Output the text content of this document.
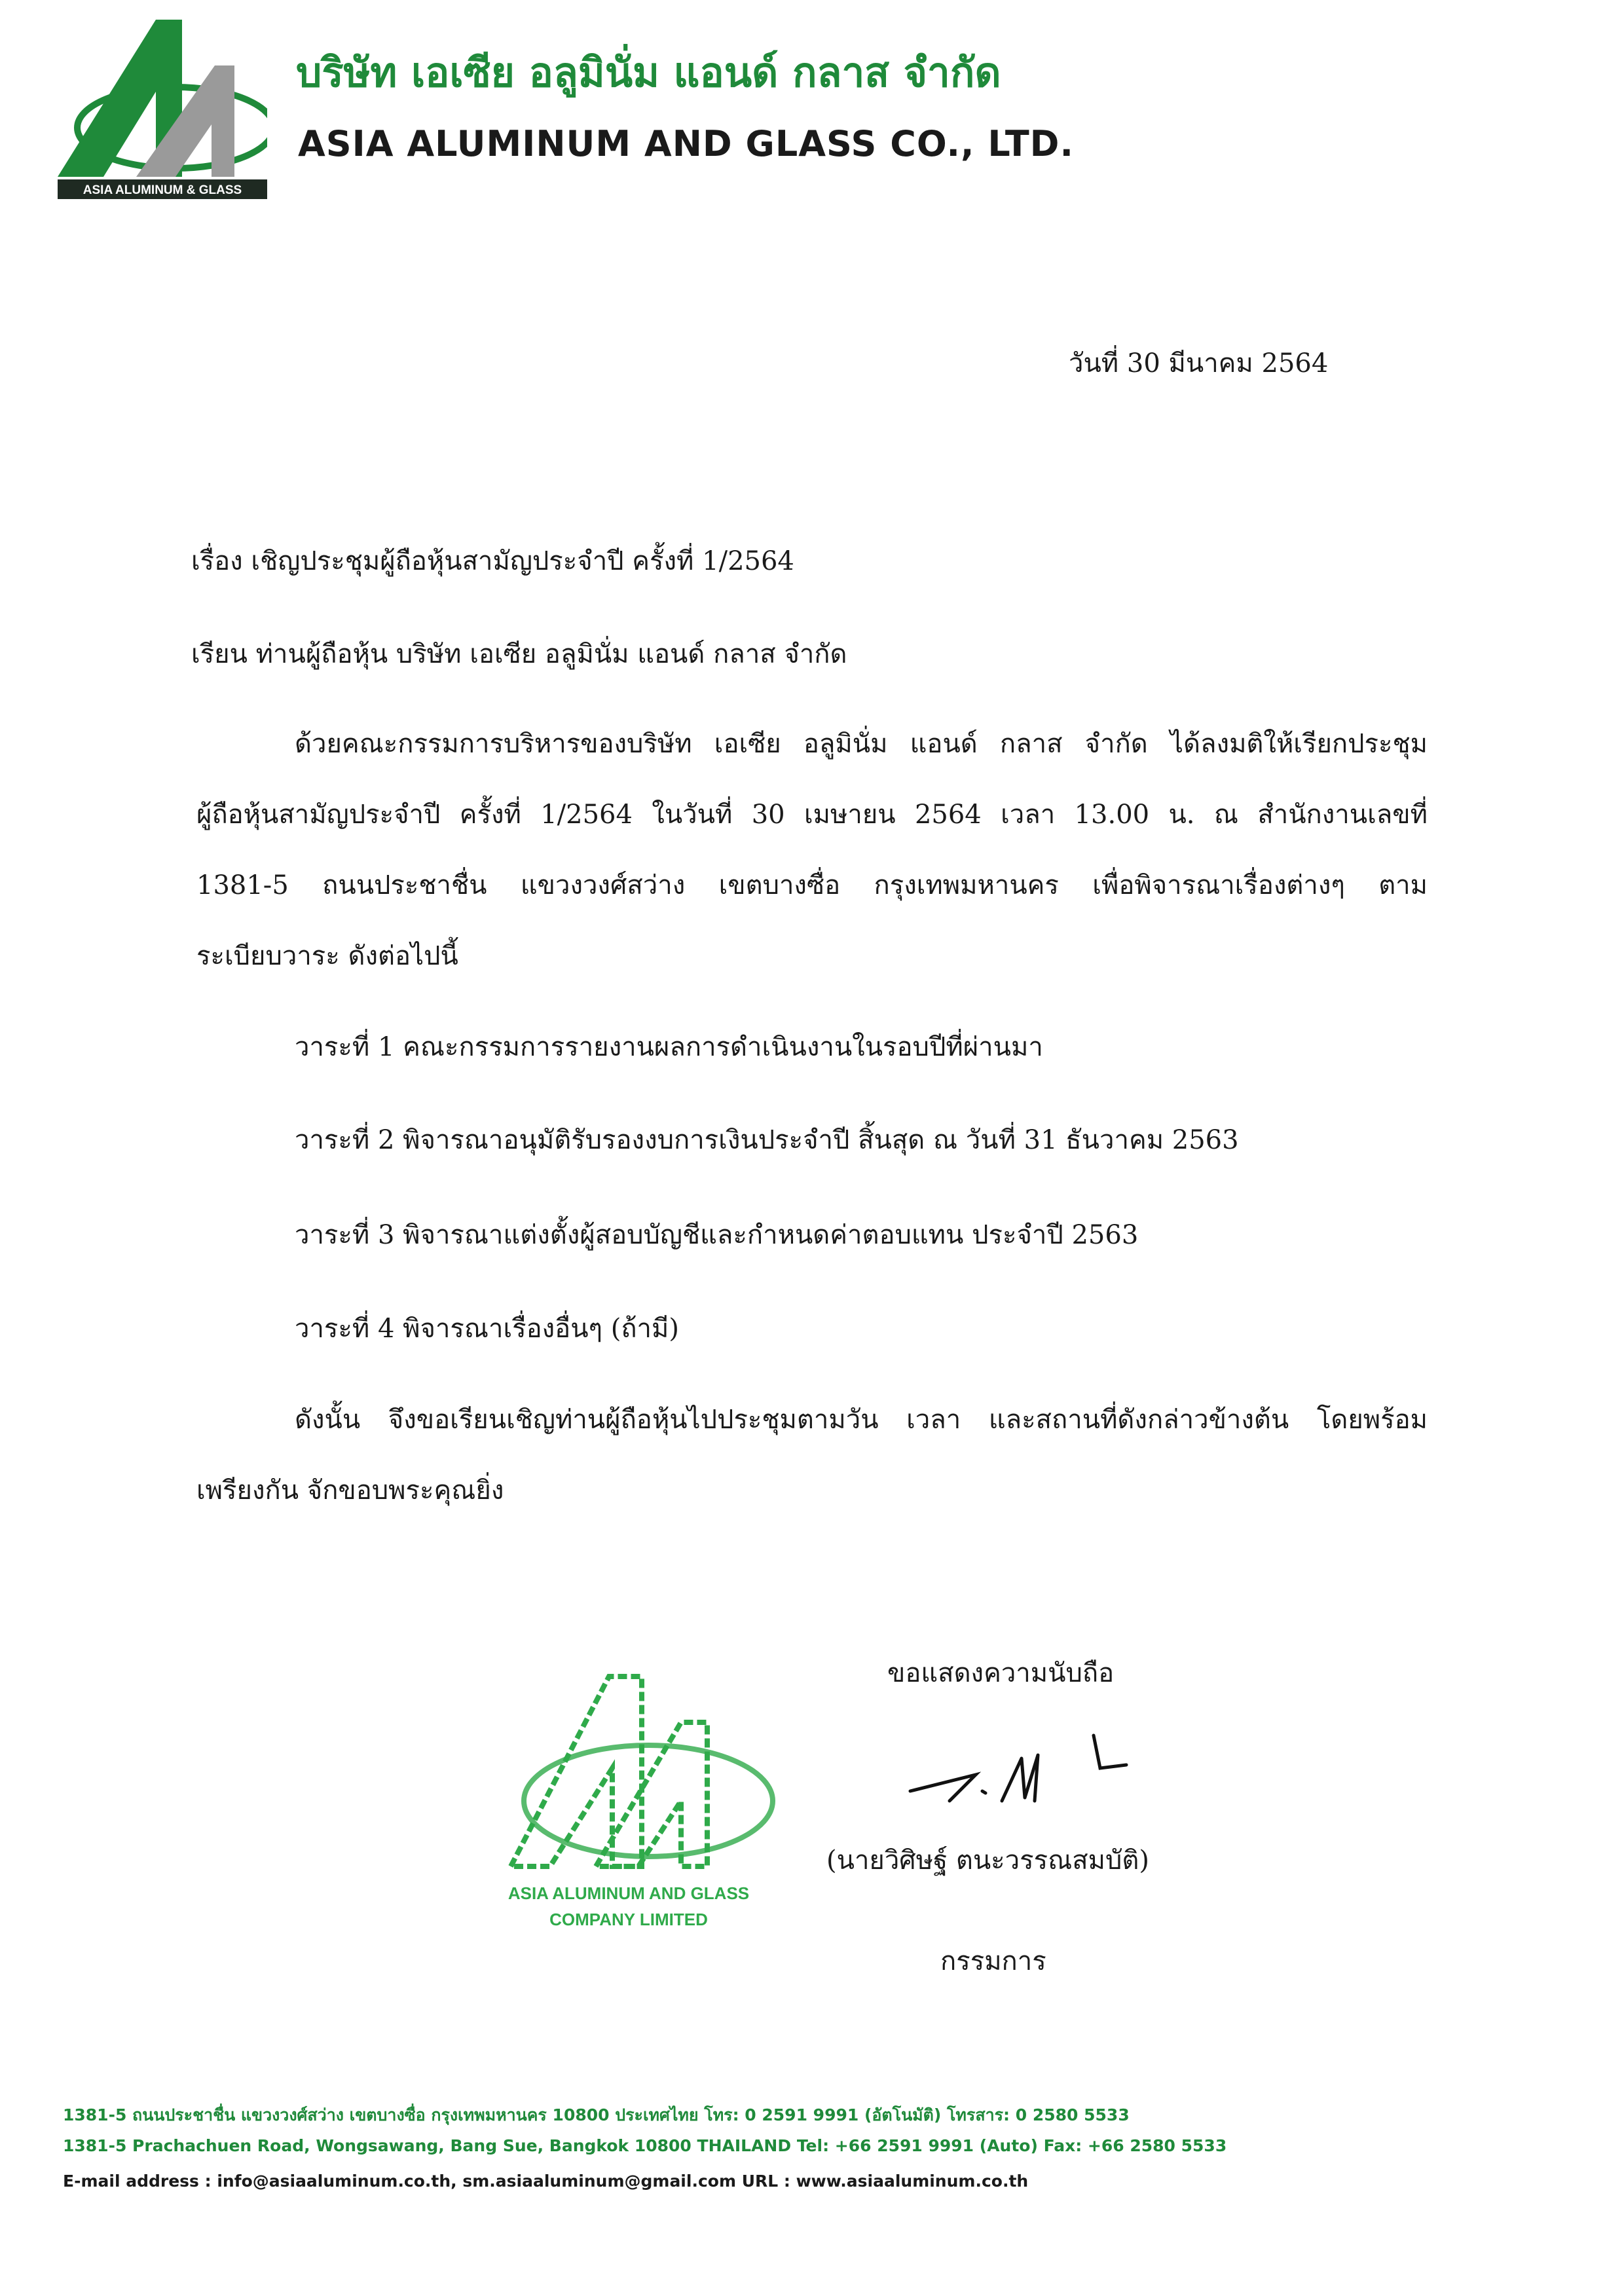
ASIA ALUMINUM & GLASS
บริษัท เอเซีย อลูมินั่ม แอนด์ กลาส จำกัด
ASIA ALUMINUM AND GLASS CO., LTD.
วันที่ 30 มีนาคม 2564
เรื่อง เชิญประชุมผู้ถือหุ้นสามัญประจำปี ครั้งที่ 1/2564
เรียน ท่านผู้ถือหุ้น บริษัท เอเซีย อลูมินั่ม แอนด์ กลาส จำกัด
ด้วยคณะกรรมการบริหารของบริษัท เอเซีย อลูมินั่ม แอนด์ กลาส จำกัด ได้ลงมติให้เรียกประชุม
ผู้ถือหุ้นสามัญประจำปี ครั้งที่ 1/2564 ในวันที่ 30 เมษายน 2564 เวลา 13.00 น. ณ สำนักงานเลขที่
1381-5 ถนนประชาชื่น แขวงวงศ์สว่าง เขตบางซื่อ กรุงเทพมหานคร เพื่อพิจารณาเรื่องต่างๆ ตาม
ระเบียบวาระ ดังต่อไปนี้
วาระที่ 1 คณะกรรมการรายงานผลการดำเนินงานในรอบปีที่ผ่านมา
วาระที่ 2 พิจารณาอนุมัติรับรองงบการเงินประจำปี สิ้นสุด ณ วันที่ 31 ธันวาคม 2563
วาระที่ 3 พิจารณาแต่งตั้งผู้สอบบัญชีและกำหนดค่าตอบแทน ประจำปี 2563
วาระที่ 4 พิจารณาเรื่องอื่นๆ (ถ้ามี)
ดังนั้น จึงขอเรียนเชิญท่านผู้ถือหุ้นไปประชุมตามวัน เวลา และสถานที่ดังกล่าวข้างต้น โดยพร้อม
เพรียงกัน จักขอบพระคุณยิ่ง
ขอแสดงความนับถือ
(นายวิศิษฐ์ ตนะวรรณสมบัติ)
กรรมการ
ASIA ALUMINUM AND GLASS
COMPANY LIMITED
1381-5 ถนนประชาชื่น แขวงวงศ์สว่าง เขตบางซื่อ กรุงเทพมหานคร 10800 ประเทศไทย โทร: 0 2591 9991 (อัตโนมัติ) โทรสาร: 0 2580 5533
1381-5 Prachachuen Road, Wongsawang, Bang Sue, Bangkok 10800 THAILAND Tel: +66 2591 9991 (Auto) Fax: +66 2580 5533
E-mail address : info@asiaaluminum.co.th, sm.asiaaluminum@gmail.com URL : www.asiaaluminum.co.th
